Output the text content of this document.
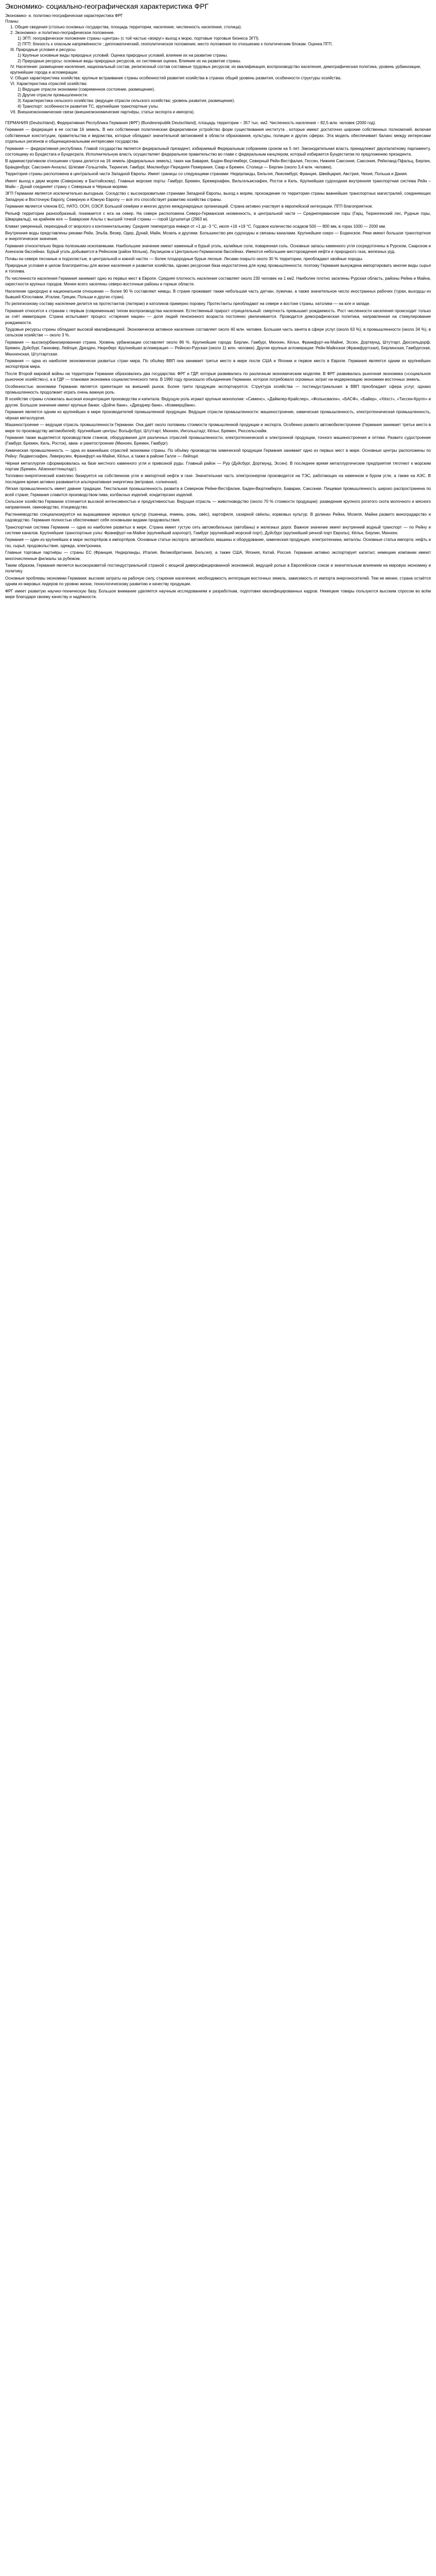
Экономико- социально-географическая характеристика ФРГ

Экономико- и. политико-географическая характеристика ФРГ

Планы:

1. Общие сведения (столько основных государства, площадь территории, население, численность населения, столица).
2. Экономико- и политико-географическое положение.
1) ЭГП: географическое положение страны «центра» (с той частью «вокруг» выход к морю, портовые торговые бизнеса ЭГП).
2) ПГП: близость к опасным напряжённости ; дипломатический, геополитическое положение; место положения по отношению к политическим блокам. Оценка ПГП.
III. Природные условия и ресурсы.
1) Крупные основные виды природных условий. Оценка природных условий, влияние их на развитие страны.
2) Природные ресурсы: основные виды природных ресурсов, их системная оценка. Влияние их на развитие страны.
IV. Население: размещение населения, национальный состав, религиозный состав составные трудовых ресурсов; их квалификация, воспроизводство населения, демографическая политика, уровень урбанизации, крупнейшие города и агломерации.
V. Общая характеристика хозяйства: крупные встраивание страны особенностей развития хозяйства в странах общий уровень развития, особенности структуры хозяйства.
VI. Характеристика отраслей хозяйства:
1) Ведущие отрасли экономики (современное состояние, размещение).
2) Другие отрасли промышленности.
3) Характеристика сельского хозяйства: (ведущие отрасли сельского хозяйства; уровень развития, размещение).
4) Транспорт: особенности развития ТС, крупнейшие транспортные узлы.
VII. Внешнеэкономические связи (внешнеэкономические партнёры, статьи экспорта и импорта).

ГЕРМАНИЯ (Deutschland), Федеративная Республика Германия (ФРГ) (Bundesrepublik Deutschland), площадь территории – 357 тыс. км2. Численность населения – 82,5 млн. человек (2000 год).

Германия — федерация в ее состав 16 земель. В них собственная политическая федеративное устройство форм существования института , которые имеют достаточно широкие собственных полномочий, включая собственные конституции, правительства и ведомства, которые обладают значительной автономией в области образования, культуры, полиции и других сферах. Эта модель обеспечивает баланс между интересами отдельных регионов и общенациональными интересами государства.

Германия — федеративная республика. Главой государства является федеральный президент, избираемый Федеральным собранием сроком на 5 лет. Законодательная власть принадлежит двухпалатному парламенту, состоящему из Бундестага и Бундесрата. Исполнительную власть осуществляет федеральное правительство во главе с федеральным канцлером, который избирается Бундестагом по предложению президента.

В административном отношении страна делится на 16 земель (федеральных земель), таких как Бавария, Баден-Вюртемберг, Северный Рейн-Вестфалия, Гессен, Нижняя Саксония, Саксония, Рейнланд-Пфальц, Берлин, Бранденбург, Саксония-Анхальт, Шлезвиг-Гольштейн, Тюрингия, Гамбург, Мекленбург-Передняя Померания, Саар и Бремен. Столица — Берлин (около 3,4 млн. человек).

Территория страны расположена в центральной части Западной Европы. Имеет границы со следующими странами: Нидерланды, Бельгия, Люксембург, Франция, Швейцария, Австрия, Чехия, Польша и Дания.

Имеет выход к двум морям (Северному и Балтийскому). Главные морские порты: Гамбург, Бремен, Бремерхафен, Вильгельмсхафен, Росток и Киль. Крупнейшая судоходная внутренняя транспортная система Рейн – Майн – Дунай соединяет страну с Северным и Чёрным морями.

ЭГП Германии является исключительно выгодным. Соседство с высокоразвитыми странами Западной Европы, выход к морям, прохождение по территории страны важнейших транспортных магистралей, соединяющих Западную и Восточную Европу, Северную и Южную Европу — всё это способствует развитию хозяйства страны.

Германия является членом ЕС, НАТО, ООН, ОЭСР, Большой семёрки и многих других международных организаций. Страна активно участвует в европейской интеграции. ПГП благоприятное.

Рельеф территории разнообразный, понижается с юга на север. На севере расположена Северо-Германская низменность, в центральной части — Среднегерманские горы (Гарц, Тюрингенский лес, Рудные горы, Шварцвальд), на крайнем юге — Баварские Альпы с высшей точкой страны — горой Цугшпитце (2963 м).

Климат умеренный, переходный от морского к континентальному. Средняя температура января от +1 до -3 °С, июля +16 +19 °С. Годовое количество осадков 500 — 800 мм, в горах 1000 — 2000 мм.

Внутренние воды представлены реками Рейн, Эльба, Везер, Одер, Дунай, Майн, Мозель и другими. Большинство рек судоходны и связаны каналами. Крупнейшее озеро — Боденское. Реки имеют большое транспортное и энергетическое значение.

Германия относительно бедна полезными ископаемыми. Наибольшее значение имеют каменный и бурый уголь, калийные соли, поваренная соль. Основные запасы каменного угля сосредоточены в Рурском, Саарском и Ахенском бассейнах. Бурый уголь добывается в Рейнском (район Кёльна), Лаузицком и Центрально-Германском бассейнах. Имеются небольшие месторождения нефти и природного газа, железных руд.

Почвы на севере песчаные и подзолистые, в центральной и южной частях — более плодородные бурые лесные. Лесами покрыто около 30 % территории, преобладают хвойные породы.

Природные условия в целом благоприятны для жизни населения и развития хозяйства, однако ресурсная база недостаточна для нужд промышленности, поэтому Германия вынуждена импортировать многие виды сырья и топлива.

По численности населения Германия занимает одно из первых мест в Европе. Средняя плотность населения составляет около 230 человек на 1 км2. Наиболее плотно заселены Рурская область, районы Рейна и Майна, окрестности крупных городов. Менее всего заселены северо-восточные районы и горные области.

Население однородно в национальном отношении — более 90 % составляют немцы. В стране проживает также небольшая часть датчан, лужичан, а также значительное число иностранных рабочих (турки, выходцы из бывшей Югославии, Италии, Греции, Польши и других стран).

По религиозному составу население делится на протестантов (лютеран) и католиков примерно поровну. Протестанты преобладают на севере и востоке страны, католики — на юге и западе.

Германия относится к странам с первым (современным) типом воспроизводства населения. Естественный прирост отрицательный: смертность превышает рождаемость. Рост численности населения происходит только за счёт иммиграции. Страна испытывает процесс «старения нации» — доля людей пенсионного возраста постоянно увеличивается. Проводится демографическая политика, направленная на стимулирование рождаемости.

Трудовые ресурсы страны обладают высокой квалификацией. Экономически активное население составляет около 40 млн. человек. Большая часть занята в сфере услуг (около 63 %), в промышленности (около 34 %), в сельском хозяйстве — около 3 %.

Германия — высокоурбанизированная страна. Уровень урбанизации составляет около 86 %. Крупнейшие города: Берлин, Гамбург, Мюнхен, Кёльн, Франкфурт-на-Майне, Эссен, Дортмунд, Штутгарт, Дюссельдорф, Бремен, Дуйсбург, Ганновер, Лейпциг, Дрезден, Нюрнберг. Крупнейшая агломерация — Рейнско-Рурская (около 11 млн. человек). Другие крупные агломерации: Рейн-Майнская (Франкфуртская), Берлинская, Гамбургская, Мюнхенская, Штутгартская.

Германия — одна из наиболее экономически развитых стран мира. По объёму ВВП она занимает третье место в мире после США и Японии и первое место в Европе. Германия является одним из крупнейших экспортёров мира.

После Второй мировой войны на территории Германии образовались два государства: ФРГ и ГДР, которые развивались по различным экономическим моделям. В ФРГ развивалась рыночная экономика («социальное рыночное хозяйство»), а в ГДР — плановая экономика социалистического типа. В 1990 году произошло объединение Германии, которое потребовало огромных затрат на модернизацию экономики восточных земель.

Особенностью экономики Германии является ориентация на внешний рынок. Более трети продукции экспортируется. Структура хозяйства — постиндустриальная: в ВВП преобладает сфера услуг, однако промышленность продолжает играть очень важную роль.

В хозяйстве страны сложилась высокая концентрация производства и капитала. Ведущую роль играют крупные монополии: «Сименс», «Даймлер-Крайслер», «Фольксваген», «БАСФ», «Байер», «Хёхст», «Тиссен-Крупп» и другие. Большое значение имеют крупные банки: «Дойче банк», «Дрезднер банк», «Коммерцбанк».

Германия является одним из крупнейших в мире производителей промышленной продукции. Ведущие отрасли промышленности: машиностроение, химическая промышленность, электротехническая промышленность, чёрная металлургия.

Машиностроение — ведущая отрасль промышленности Германии. Она даёт около половины стоимости промышленной продукции и экспорта. Особенно развито автомобилестроение (Германия занимает третье место в мире по производству автомобилей). Крупнейшие центры: Вольфсбург, Штутгарт, Мюнхен, Ингольштадт, Кёльн, Бремен, Рюссельсхайм.

Германия также выделяется производством станков, оборудования для различных отраслей промышленности, электротехнической и электронной продукции, точного машиностроения и оптики. Развито судостроение (Гамбург, Бремен, Киль, Росток), авиа- и ракетостроение (Мюнхен, Бремен, Гамбург).

Химическая промышленность — одна из важнейших отраслей экономики страны. По объёму производства химической продукции Германия занимает одно из первых мест в мире. Основные центры расположены по Рейну: Людвигсхафен, Леверкузен, Франкфурт-на-Майне, Кёльн, а также в районе Галле — Лейпциг.

Чёрная металлургия сформировалась на базе местного каменного угля и привозной руды. Главный район — Рур (Дуйсбург, Дортмунд, Эссен). В последнее время металлургические предприятия тяготеют к морским портам (Бремен, Айзенхюттенштадт).

Топливно-энергетический комплекс базируется на собственном угле и импортной нефти и газе. Значительная часть электроэнергии производится на ТЭС, работающих на каменном и буром угле, а также на АЭС. В последнее время активно развивается альтернативная энергетика (ветровая, солнечная).

Лёгкая промышленность имеет давние традиции. Текстильная промышленность развита в Северном Рейне-Вестфалии, Баден-Вюртемберге, Баварии, Саксонии. Пищевая промышленность широко распространена по всей стране; Германия славится производством пива, колбасных изделий, кондитерских изделий.

Сельское хозяйство Германии отличается высокой интенсивностью и продуктивностью. Ведущая отрасль — животноводство (около 70 % стоимости продукции): разведение крупного рогатого скота молочного и мясного направления, свиноводство, птицеводство.

Растениеводство специализируется на выращивании зерновых культур (пшеница, ячмень, рожь, овёс), картофеля, сахарной свёклы, кормовых культур. В долинах Рейна, Мозеля, Майна развито виноградарство и садоводство. Германия полностью обеспечивает себя основными видами продовольствия.

Транспортная система Германии — одна из наиболее развитых в мире. Страна имеет густую сеть автомобильных (автобаны) и железных дорог. Важное значение имеет внутренний водный транспорт — по Рейну и системе каналов. Крупнейшие транспортные узлы: Франкфурт-на-Майне (крупнейший аэропорт), Гамбург (крупнейший морской порт), Дуйсбург (крупнейший речной порт Европы), Кёльн, Берлин, Мюнхен.

Германия — один из крупнейших в мире экспортёров и импортёров. Основные статьи экспорта: автомобили, машины и оборудование, химическая продукция, электротехника, металлы. Основные статьи импорта: нефть и газ, сырьё, продовольствие, одежда, электроника.

Главные торговые партнёры — страны ЕС (Франция, Нидерланды, Италия, Великобритания, Бельгия), а также США, Япония, Китай, Россия. Германия активно экспортирует капитал; немецкие компании имеют многочисленные филиалы за рубежом.

Таким образом, Германия является высокоразвитой постиндустриальной страной с мощной диверсифицированной экономикой, ведущей ролью в Европейском союзе и значительным влиянием на мировую экономику и политику.

Основные проблемы экономики Германии: высокие затраты на рабочую силу, старение населения, необходимость интеграции восточных земель, зависимость от импорта энергоносителей. Тем не менее, страна остаётся одним из мировых лидеров по уровню жизни, технологическому развитию и качеству продукции.

ФРГ имеет развитую научно-техническую базу. Большое внимание уделяется научным исследованиям и разработкам, подготовке квалифицированных кадров. Немецкие товары пользуются высоким спросом во всём мире благодаря своему качеству и надёжности.
